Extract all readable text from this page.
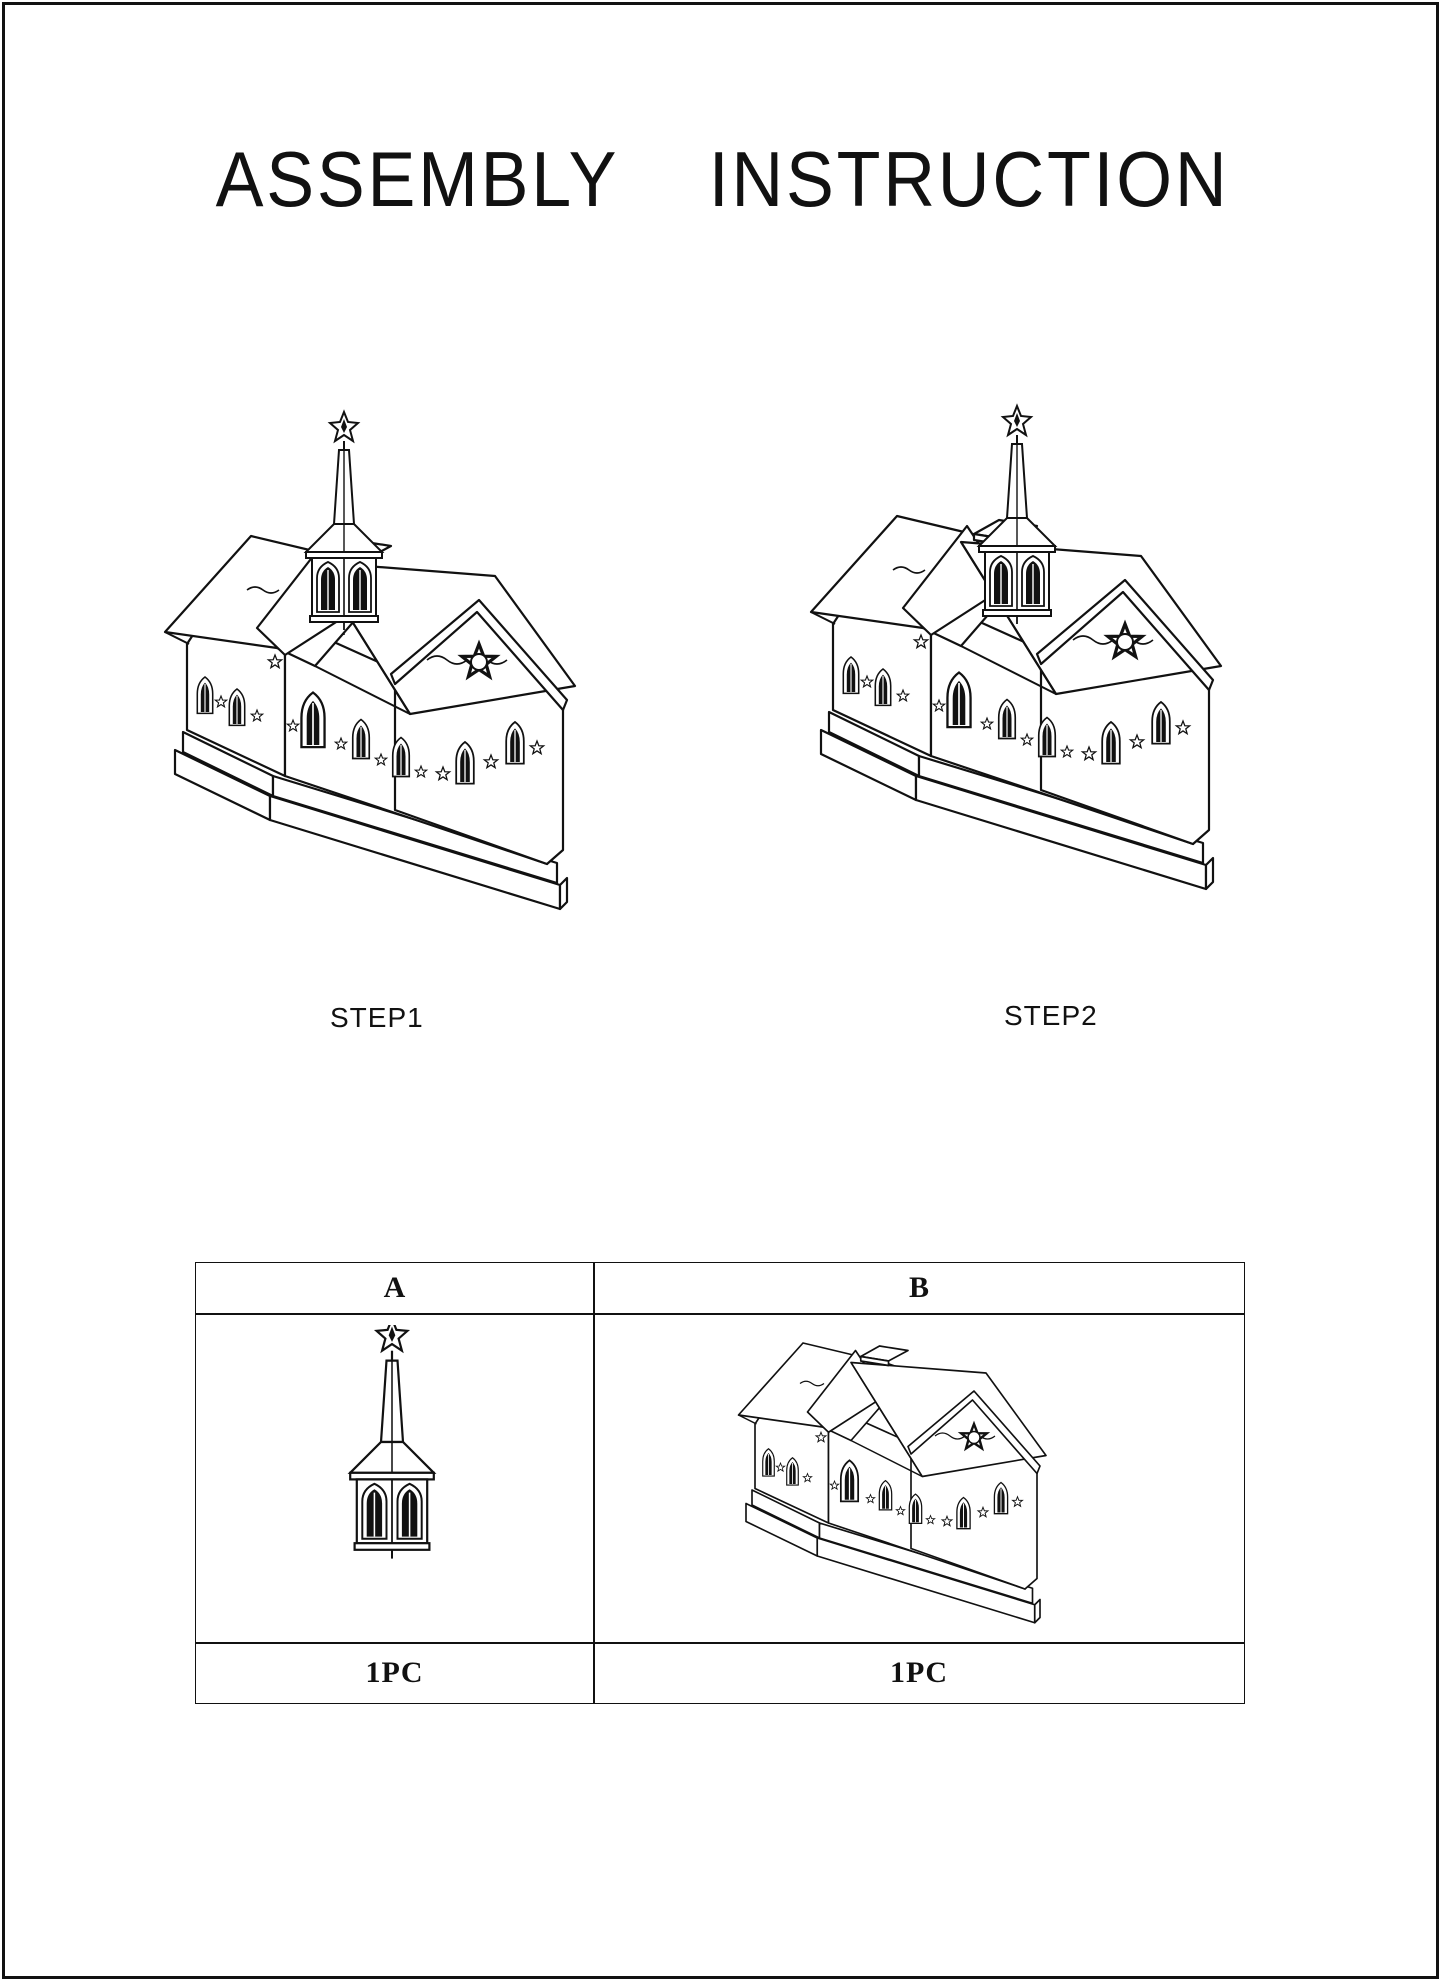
ASSEMBLY    INSTRUCTION
STEP1	STEP2
A	B
1PC	1PC
